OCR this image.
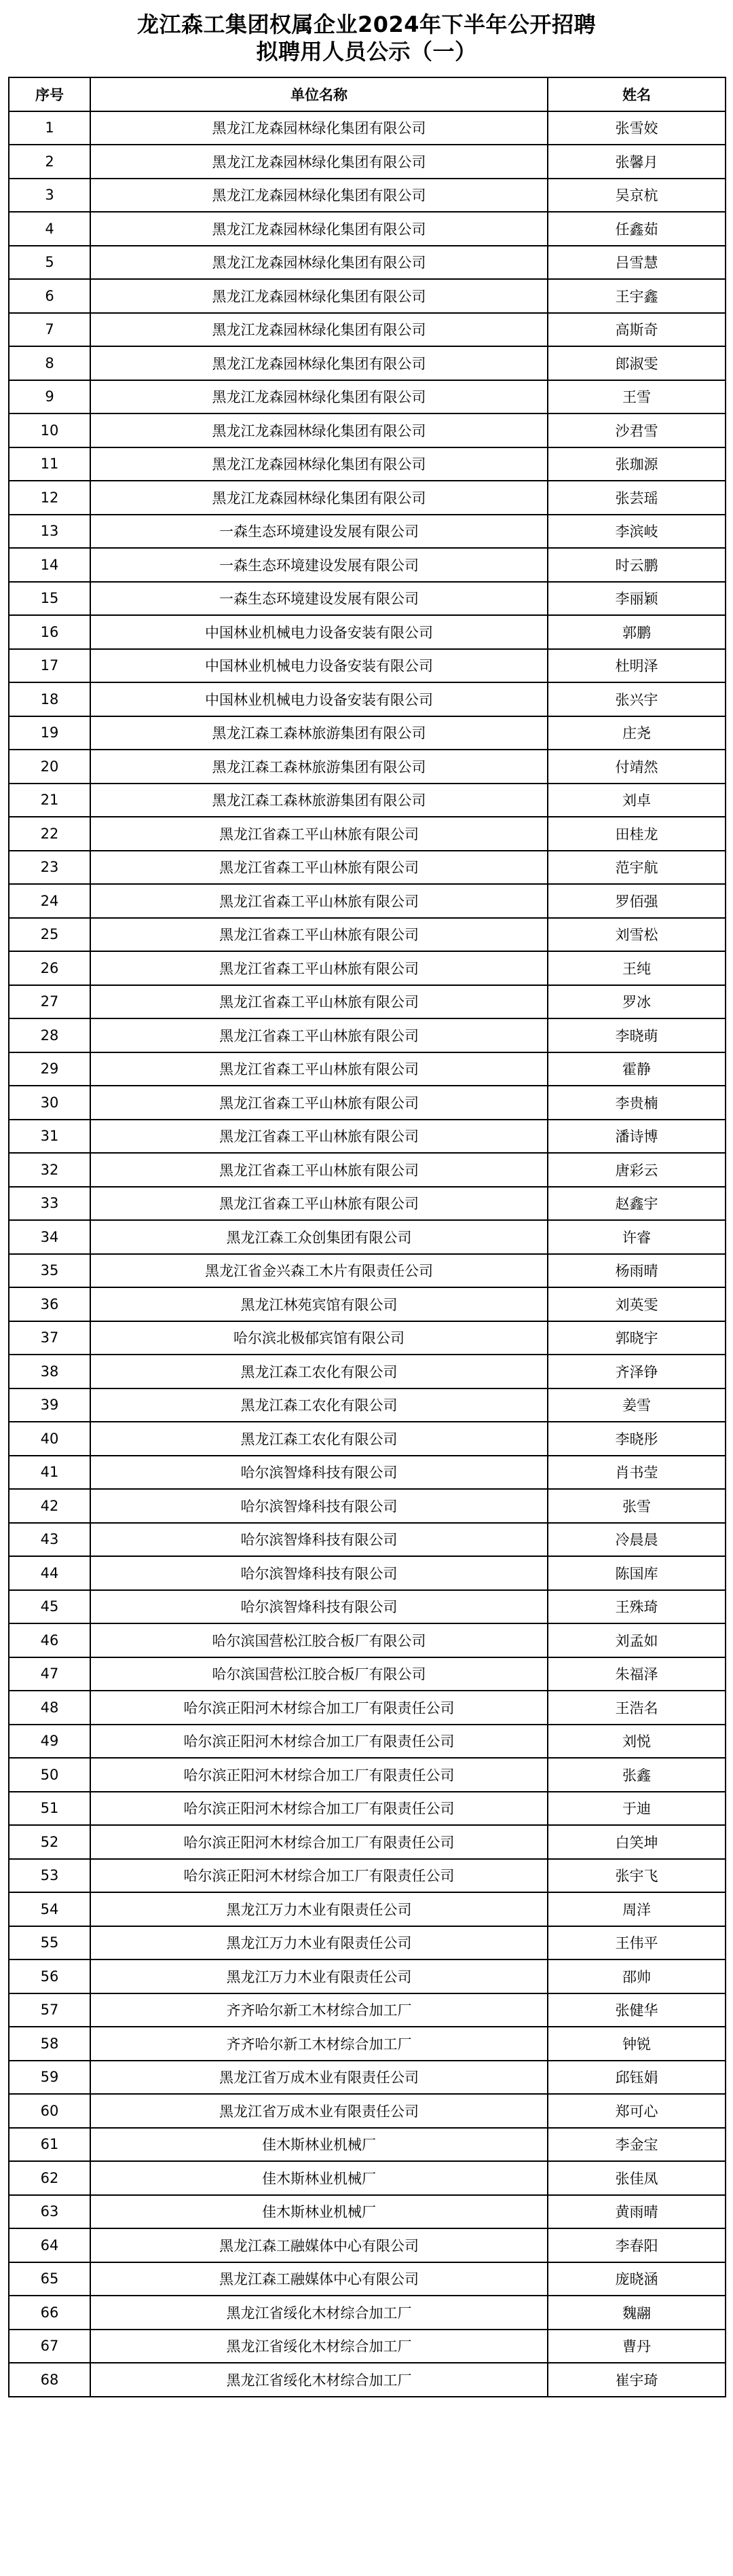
龙江森工集团权属企业2024年下半年公开招聘
拟聘用人员公示（一）
序号	单位名称	姓名
1	黑龙江龙森园林绿化集团有限公司	张雪姣
2	黑龙江龙森园林绿化集团有限公司	张馨月
3	黑龙江龙森园林绿化集团有限公司	吴京杭
4	黑龙江龙森园林绿化集团有限公司	任鑫茹
5	黑龙江龙森园林绿化集团有限公司	吕雪慧
6	黑龙江龙森园林绿化集团有限公司	王宇鑫
7	黑龙江龙森园林绿化集团有限公司	高斯奇
8	黑龙江龙森园林绿化集团有限公司	郎淑雯
9	黑龙江龙森园林绿化集团有限公司	王雪
10	黑龙江龙森园林绿化集团有限公司	沙君雪
11	黑龙江龙森园林绿化集团有限公司	张珈源
12	黑龙江龙森园林绿化集团有限公司	张芸瑶
13	一森生态环境建设发展有限公司	李滨岐
14	一森生态环境建设发展有限公司	时云鹏
15	一森生态环境建设发展有限公司	李丽颖
16	中国林业机械电力设备安装有限公司	郭鹏
17	中国林业机械电力设备安装有限公司	杜明泽
18	中国林业机械电力设备安装有限公司	张兴宇
19	黑龙江森工森林旅游集团有限公司	庄尧
20	黑龙江森工森林旅游集团有限公司	付靖然
21	黑龙江森工森林旅游集团有限公司	刘卓
22	黑龙江省森工平山林旅有限公司	田桂龙
23	黑龙江省森工平山林旅有限公司	范宇航
24	黑龙江省森工平山林旅有限公司	罗佰强
25	黑龙江省森工平山林旅有限公司	刘雪松
26	黑龙江省森工平山林旅有限公司	王纯
27	黑龙江省森工平山林旅有限公司	罗冰
28	黑龙江省森工平山林旅有限公司	李晓萌
29	黑龙江省森工平山林旅有限公司	霍静
30	黑龙江省森工平山林旅有限公司	李贵楠
31	黑龙江省森工平山林旅有限公司	潘诗博
32	黑龙江省森工平山林旅有限公司	唐彩云
33	黑龙江省森工平山林旅有限公司	赵鑫宇
34	黑龙江森工众创集团有限公司	许睿
35	黑龙江省金兴森工木片有限责任公司	杨雨晴
36	黑龙江林苑宾馆有限公司	刘英雯
37	哈尔滨北极郁宾馆有限公司	郭晓宇
38	黑龙江森工农化有限公司	齐泽铮
39	黑龙江森工农化有限公司	姜雪
40	黑龙江森工农化有限公司	李晓彤
41	哈尔滨智烽科技有限公司	肖书莹
42	哈尔滨智烽科技有限公司	张雪
43	哈尔滨智烽科技有限公司	冷晨晨
44	哈尔滨智烽科技有限公司	陈国库
45	哈尔滨智烽科技有限公司	王殊琦
46	哈尔滨国营松江胶合板厂有限公司	刘孟如
47	哈尔滨国营松江胶合板厂有限公司	朱福泽
48	哈尔滨正阳河木材综合加工厂有限责任公司	王浩名
49	哈尔滨正阳河木材综合加工厂有限责任公司	刘悦
50	哈尔滨正阳河木材综合加工厂有限责任公司	张鑫
51	哈尔滨正阳河木材综合加工厂有限责任公司	于迪
52	哈尔滨正阳河木材综合加工厂有限责任公司	白笑坤
53	哈尔滨正阳河木材综合加工厂有限责任公司	张宇飞
54	黑龙江万力木业有限责任公司	周洋
55	黑龙江万力木业有限责任公司	王伟平
56	黑龙江万力木业有限责任公司	邵帅
57	齐齐哈尔新工木材综合加工厂	张健华
58	齐齐哈尔新工木材综合加工厂	钟锐
59	黑龙江省万成木业有限责任公司	邱钰娟
60	黑龙江省万成木业有限责任公司	郑可心
61	佳木斯林业机械厂	李金宝
62	佳木斯林业机械厂	张佳凤
63	佳木斯林业机械厂	黄雨晴
64	黑龙江森工融媒体中心有限公司	李春阳
65	黑龙江森工融媒体中心有限公司	庞晓涵
66	黑龙江省绥化木材综合加工厂	魏翮
67	黑龙江省绥化木材综合加工厂	曹丹
68	黑龙江省绥化木材综合加工厂	崔宇琦
